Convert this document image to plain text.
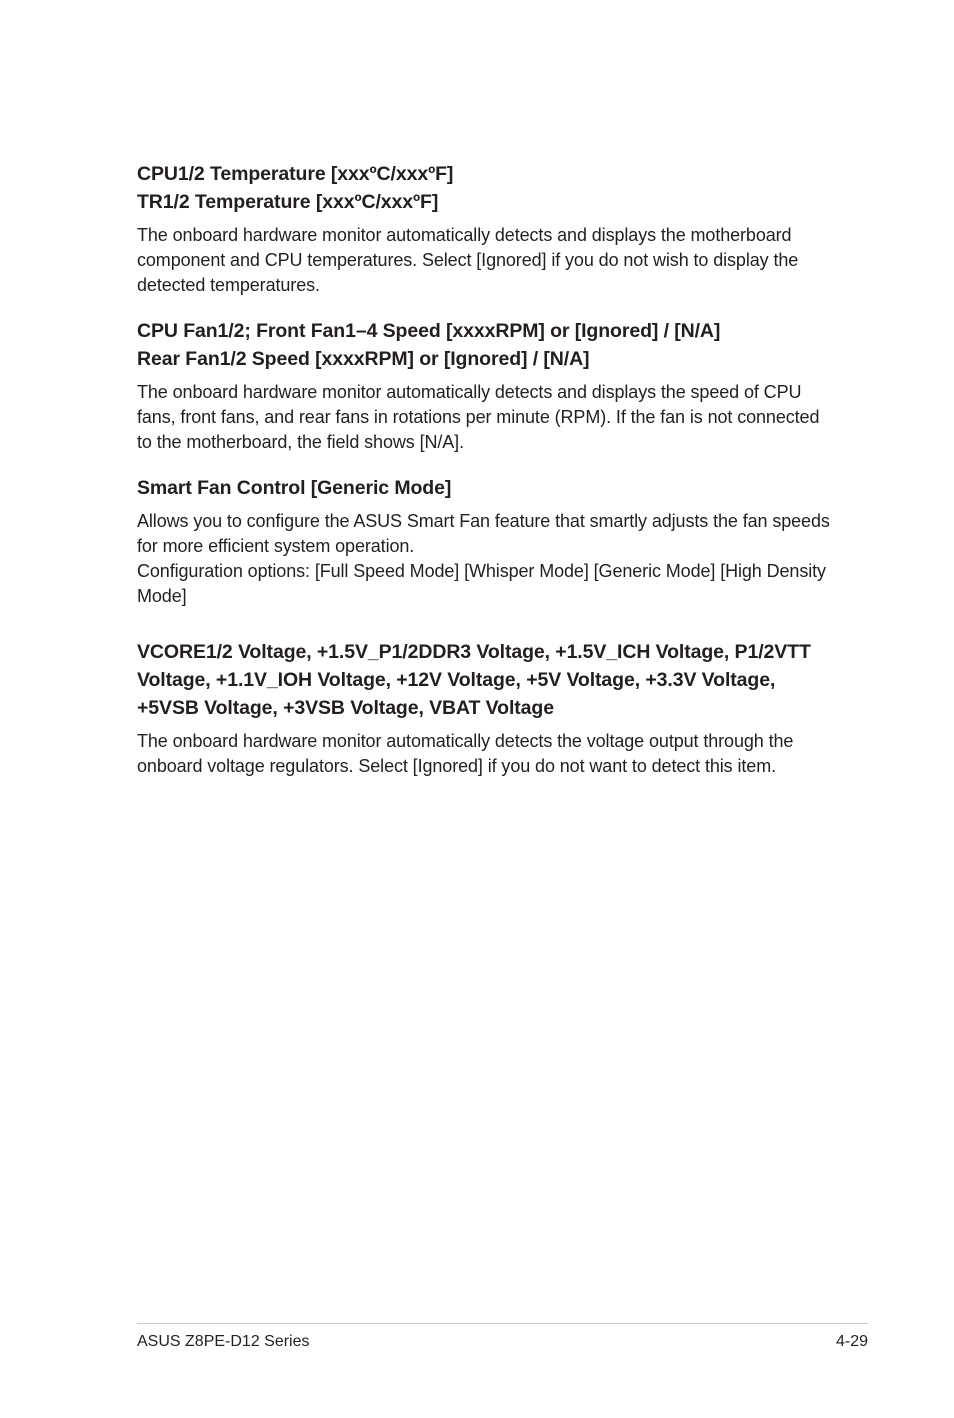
CPU1/2 Temperature [xxxºC/xxxºF]

TR1/2 Temperature [xxxºC/xxxºF]

The onboard hardware monitor automatically detects and displays the motherboard component and CPU temperatures. Select [Ignored] if you do not wish to display the detected temperatures.

CPU Fan1/2; Front Fan1–4 Speed [xxxxRPM] or [Ignored] / [N/A]

Rear Fan1/2 Speed [xxxxRPM] or [Ignored] / [N/A]

The onboard hardware monitor automatically detects and displays the speed of CPU fans, front fans, and rear fans in rotations per minute (RPM). If the fan is not connected to the motherboard, the field shows [N/A].

Smart Fan Control [Generic Mode]

Allows you to configure the ASUS Smart Fan feature that smartly adjusts the fan speeds for more efficient system operation.

Configuration options: [Full Speed Mode] [Whisper Mode] [Generic Mode] [High Density Mode]

VCORE1/2 Voltage, +1.5V_P1/2DDR3 Voltage, +1.5V_ICH Voltage, P1/2VTT Voltage, +1.1V_IOH Voltage, +12V Voltage, +5V Voltage, +3.3V Voltage, +5VSB Voltage, +3VSB Voltage, VBAT Voltage

The onboard hardware monitor automatically detects the voltage output through the onboard voltage regulators. Select [Ignored] if you do not want to detect this item.

ASUS Z8PE-D12 Series	4-29
